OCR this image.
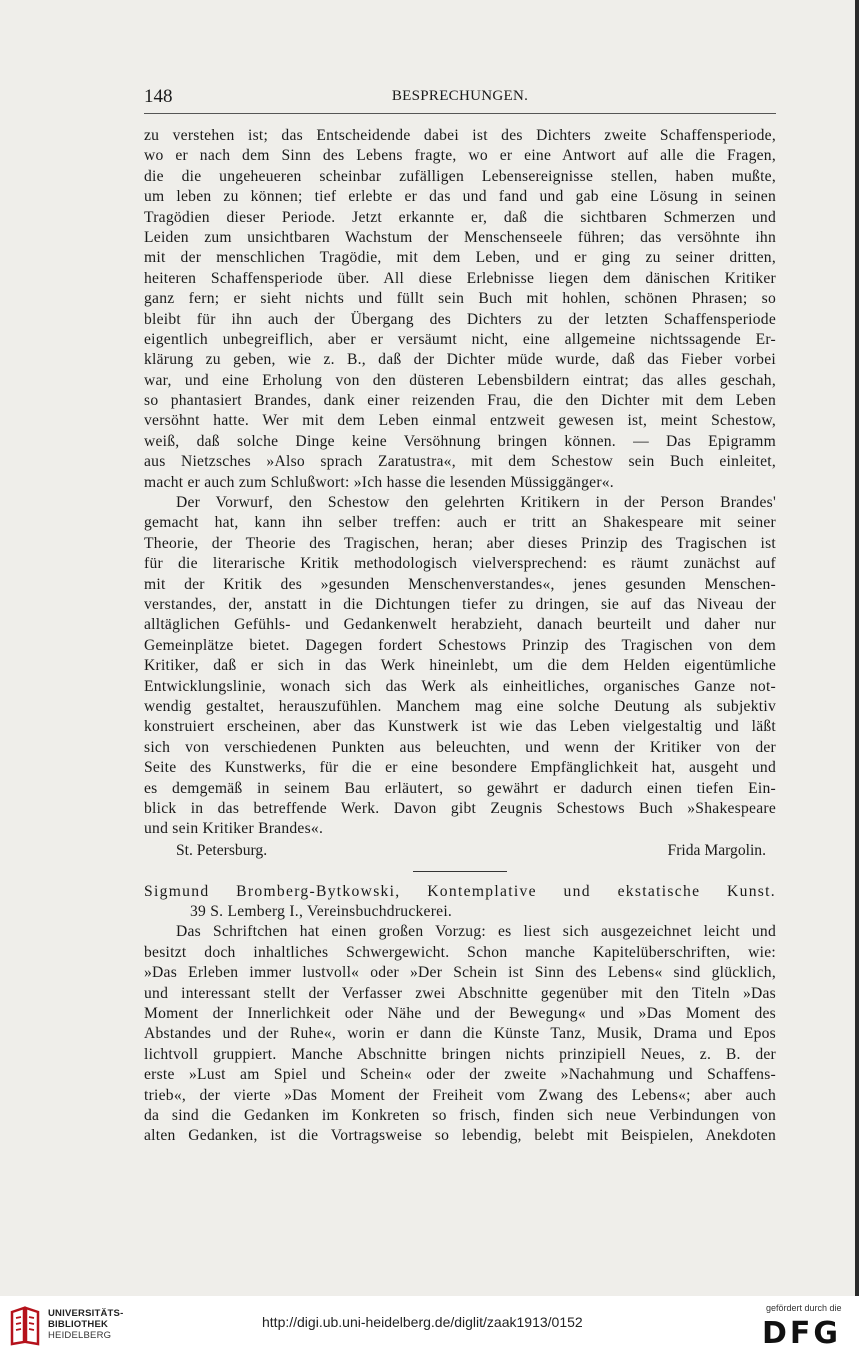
148	BESPRECHUNGEN.
zu verstehen ist; das Entscheidende dabei ist des Dichters zweite Schaffensperiode,
wo er nach dem Sinn des Lebens fragte, wo er eine Antwort auf alle die Fragen,
die die ungeheueren scheinbar zufälligen Lebensereignisse stellen, haben mußte,
um leben zu können; tief erlebte er das und fand und gab eine Lösung in seinen
Tragödien dieser Periode. Jetzt erkannte er, daß die sichtbaren Schmerzen und
Leiden zum unsichtbaren Wachstum der Menschenseele führen; das versöhnte ihn
mit der menschlichen Tragödie, mit dem Leben, und er ging zu seiner dritten,
heiteren Schaffensperiode über. All diese Erlebnisse liegen dem dänischen Kritiker
ganz fern; er sieht nichts und füllt sein Buch mit hohlen, schönen Phrasen; so
bleibt für ihn auch der Übergang des Dichters zu der letzten Schaffensperiode
eigentlich unbegreiflich, aber er versäumt nicht, eine allgemeine nichtssagende Er-
klärung zu geben, wie z. B., daß der Dichter müde wurde, daß das Fieber vorbei
war, und eine Erholung von den düsteren Lebensbildern eintrat; das alles geschah,
so phantasiert Brandes, dank einer reizenden Frau, die den Dichter mit dem Leben
versöhnt hatte. Wer mit dem Leben einmal entzweit gewesen ist, meint Schestow,
weiß, daß solche Dinge keine Versöhnung bringen können. — Das Epigramm
aus Nietzsches »Also sprach Zaratustra«, mit dem Schestow sein Buch einleitet,
macht er auch zum Schlußwort: »Ich hasse die lesenden Müssiggänger«.
Der Vorwurf, den Schestow den gelehrten Kritikern in der Person Brandes'
gemacht hat, kann ihn selber treffen: auch er tritt an Shakespeare mit seiner
Theorie, der Theorie des Tragischen, heran; aber dieses Prinzip des Tragischen ist
für die literarische Kritik methodologisch vielversprechend: es räumt zunächst auf
mit der Kritik des »gesunden Menschenverstandes«, jenes gesunden Menschen-
verstandes, der, anstatt in die Dichtungen tiefer zu dringen, sie auf das Niveau der
alltäglichen Gefühls- und Gedankenwelt herabzieht, danach beurteilt und daher nur
Gemeinplätze bietet. Dagegen fordert Schestows Prinzip des Tragischen von dem
Kritiker, daß er sich in das Werk hineinlebt, um die dem Helden eigentümliche
Entwicklungslinie, wonach sich das Werk als einheitliches, organisches Ganze not-
wendig gestaltet, herauszufühlen. Manchem mag eine solche Deutung als subjektiv
konstruiert erscheinen, aber das Kunstwerk ist wie das Leben vielgestaltig und läßt
sich von verschiedenen Punkten aus beleuchten, und wenn der Kritiker von der
Seite des Kunstwerks, für die er eine besondere Empfänglichkeit hat, ausgeht und
es demgemäß in seinem Bau erläutert, so gewährt er dadurch einen tiefen Ein-
blick in das betreffende Werk. Davon gibt Zeugnis Schestows Buch »Shakespeare
und sein Kritiker Brandes«.
St. Petersburg.	Frida Margolin.
Sigmund Bromberg-Bytkowski, Kontemplative und ekstatische Kunst.
39 S. Lemberg I., Vereinsbuchdruckerei.
Das Schriftchen hat einen großen Vorzug: es liest sich ausgezeichnet leicht und
besitzt doch inhaltliches Schwergewicht. Schon manche Kapitelüberschriften, wie:
»Das Erleben immer lustvoll« oder »Der Schein ist Sinn des Lebens« sind glücklich,
und interessant stellt der Verfasser zwei Abschnitte gegenüber mit den Titeln »Das
Moment der Innerlichkeit oder Nähe und der Bewegung« und »Das Moment des
Abstandes und der Ruhe«, worin er dann die Künste Tanz, Musik, Drama und Epos
lichtvoll gruppiert. Manche Abschnitte bringen nichts prinzipiell Neues, z. B. der
erste »Lust am Spiel und Schein« oder der zweite »Nachahmung und Schaffens-
trieb«, der vierte »Das Moment der Freiheit vom Zwang des Lebens«; aber auch
da sind die Gedanken im Konkreten so frisch, finden sich neue Verbindungen von
alten Gedanken, ist die Vortragsweise so lebendig, belebt mit Beispielen, Anekdoten
UNIVERSITÄTS-
BIBLIOTHEK
HEIDELBERG
http://digi.ub.uni-heidelberg.de/diglit/zaak1913/0152
gefördert durch die
DFG
